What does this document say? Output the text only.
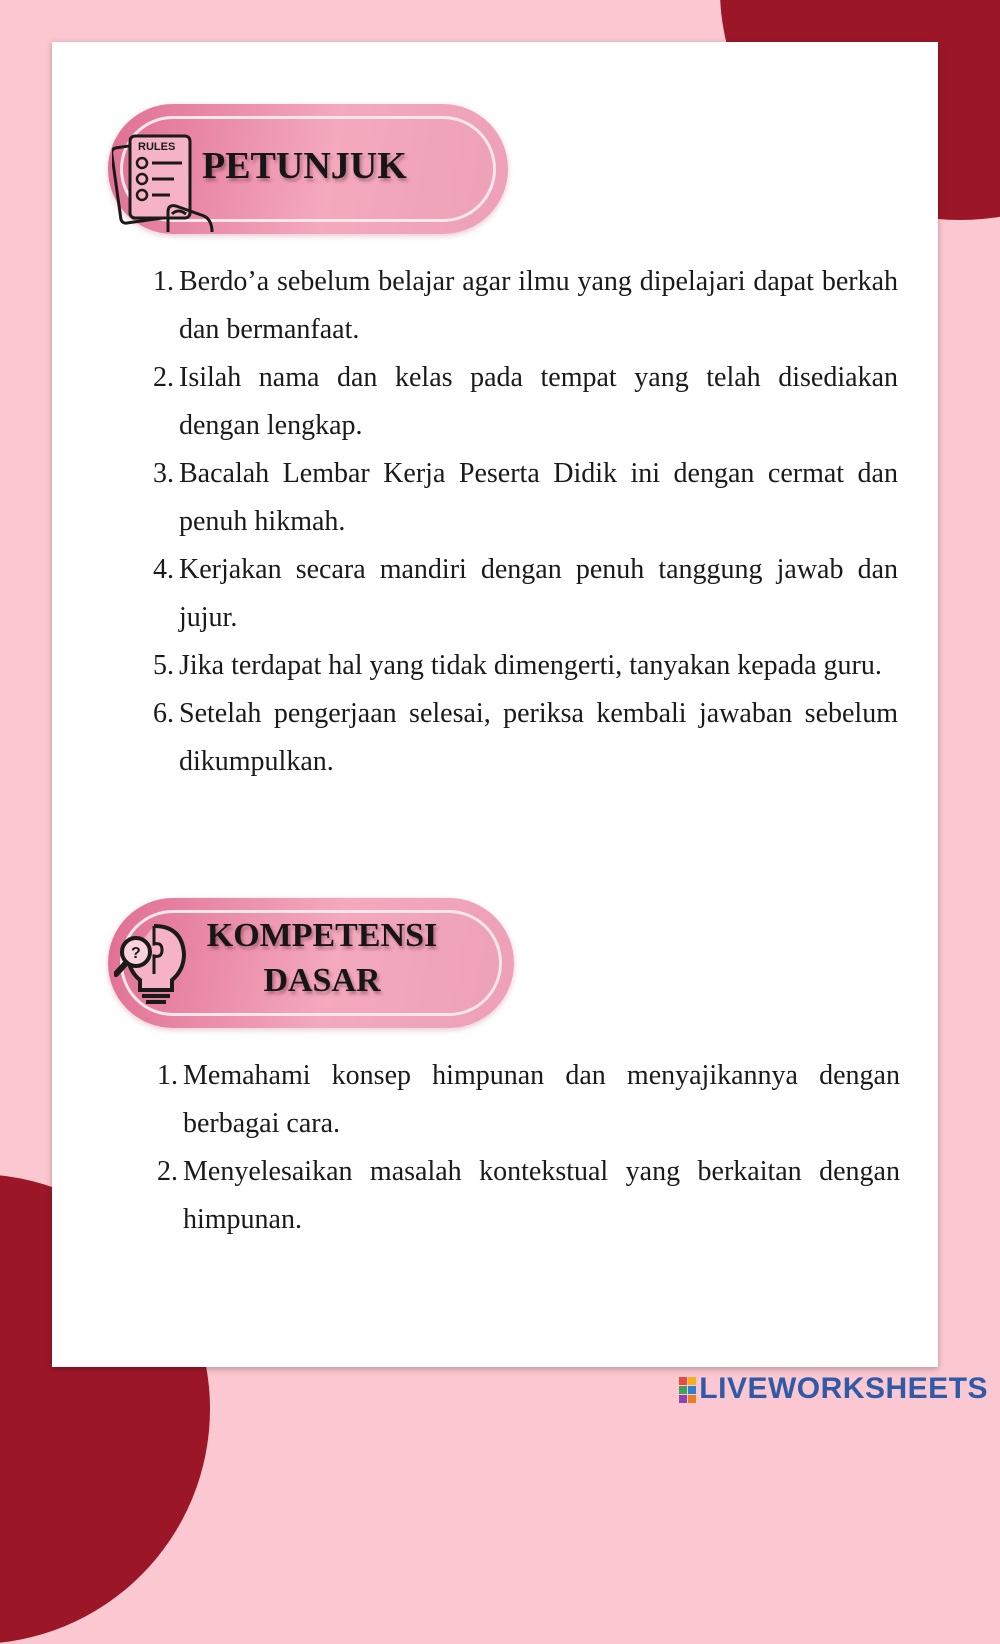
RULES PETUNJUK
1. Berdo’a sebelum belajar agar ilmu yang dipelajari dapat berkah dan bermanfaat.
2. Isilah nama dan kelas pada tempat yang telah disediakan dengan lengkap.
3. Bacalah Lembar Kerja Peserta Didik ini dengan cermat dan penuh hikmah.
4. Kerjakan secara mandiri dengan penuh tanggung jawab dan jujur.
5. Jika terdapat hal yang tidak dimengerti, tanyakan kepada guru.
6. Setelah pengerjaan selesai, periksa kembali jawaban sebelum dikumpulkan.
?	KOMPETENSI
DASAR
1. Memahami konsep himpunan dan menyajikannya dengan berbagai cara.
2. Menyelesaikan masalah kontekstual yang berkaitan dengan himpunan.
LIVEWORKSHEETS
